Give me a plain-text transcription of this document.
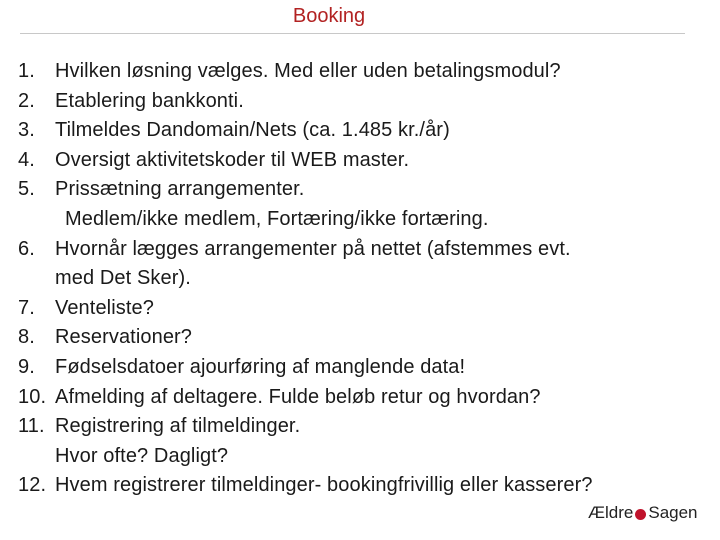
Booking
1.	Hvilken løsning vælges. Med eller uden betalingsmodul?
2.	Etablering bankkonti.
3.	Tilmeldes Dandomain/Nets (ca. 1.485 kr./år)
4.	Oversigt aktivitetskoder til WEB master.
5.	Prissætning arrangementer.
Medlem/ikke medlem, Fortæring/ikke fortæring.
6.	Hvornår lægges arrangementer på nettet (afstemmes evt.
med Det Sker).
7.	Venteliste?
8.	Reservationer?
9.	Fødselsdatoer ajourføring af manglende data!
10. Afmelding af deltagere. Fulde beløb retur og hvordan?
11. Registrering af tilmeldinger.
Hvor ofte? Dagligt?
12. Hvem registrerer tilmeldinger- bookingfrivillig eller kasserer?
Ældre Sagen
